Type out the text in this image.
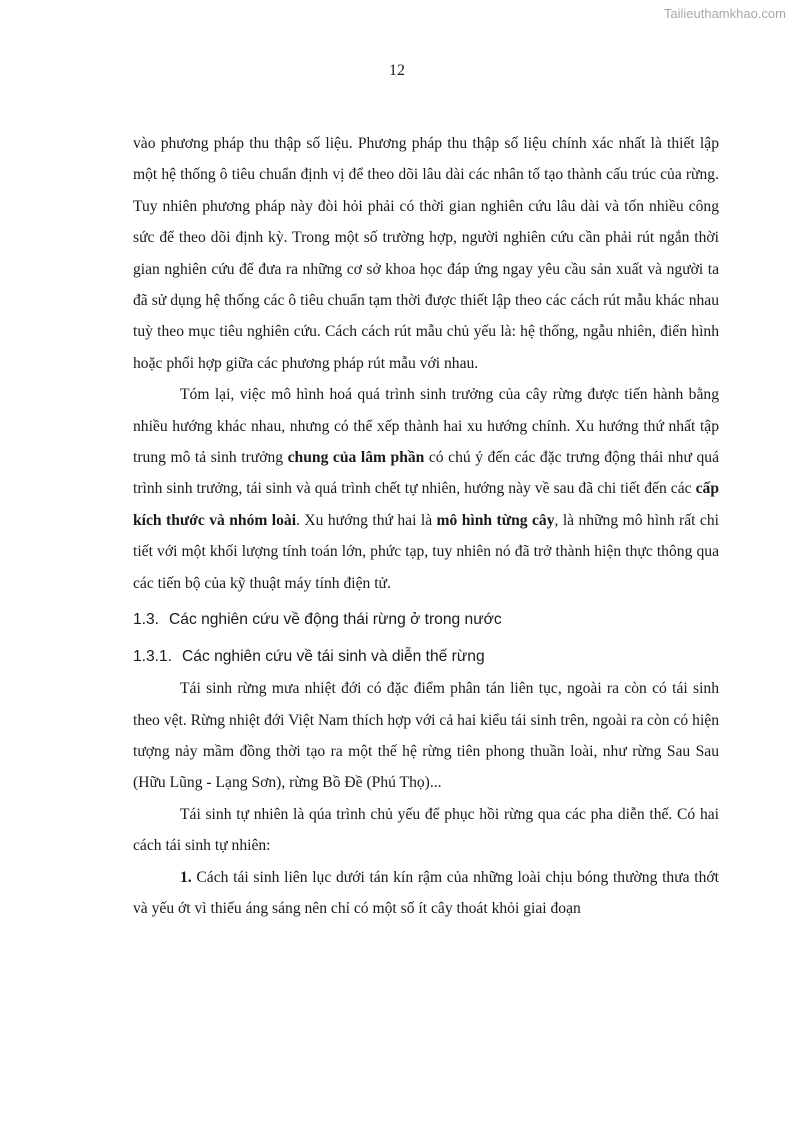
Tailieuthamkhao.com
12

vào phương pháp thu thập số liệu. Phương pháp thu thập số liệu chính xác nhất là thiết lập một hệ thống ô tiêu chuẩn định vị để theo dõi lâu dài các nhân tố tạo thành cấu trúc của rừng. Tuy nhiên phương pháp này đòi hỏi phải có thời gian nghiên cứu lâu dài và tốn nhiều công sức để theo dõi định kỳ. Trong một số trường hợp, người nghiên cứu cần phải rút ngắn thời gian nghiên cứu để đưa ra những cơ sở khoa học đáp ứng ngay yêu cầu sản xuất và người ta đã sử dụng hệ thống các ô tiêu chuẩn tạm thời được thiết lập theo các cách rút mẫu khác nhau tuỳ theo mục tiêu nghiên cứu. Cách cách rút mẫu chủ yếu là: hệ thống, ngẫu nhiên, điển hình hoặc phối hợp giữa các phương pháp rút mẫu với nhau.

Tóm lại, việc mô hình hoá quá trình sinh trưởng của cây rừng được tiến hành bằng nhiều hướng khác nhau, nhưng có thể xếp thành hai xu hướng chính. Xu hướng thứ nhất tập trung mô tả sinh trưởng chung của lâm phần có chú ý đến các đặc trưng động thái như quá trình sinh trưởng, tái sinh và quá trình chết tự nhiên, hướng này về sau đã chi tiết đến các cấp kích thước và nhóm loài. Xu hướng thứ hai là mô hình từng cây, là những mô hình rất chi tiết với một khối lượng tính toán lớn, phức tạp, tuy nhiên nó đã trở thành hiện thực thông qua các tiến bộ của kỹ thuật máy tính điện tử.

1.3. Các nghiên cứu về động thái rừng ở trong nước
1.3.1. Các nghiên cứu về tái sinh và diễn thế rừng

Tái sinh rừng mưa nhiệt đới có đặc điểm phân tán liên tục, ngoài ra còn có tái sinh theo vệt. Rừng nhiệt đới Việt Nam thích hợp với cả hai kiểu tái sinh trên, ngoài ra còn có hiện tượng nảy mầm đồng thời tạo ra một thế hệ rừng tiên phong thuần loài, như rừng Sau Sau (Hữu Lũng - Lạng Sơn), rừng Bồ Đề (Phú Thọ)...

Tái sinh tự nhiên là qúa trình chủ yếu để phục hồi rừng qua các pha diễn thế. Có hai cách tái sinh tự nhiên:

1. Cách tái sinh liên lục dưới tán kín rậm của những loài chịu bóng thường thưa thớt và yếu ớt vì thiếu áng sáng nên chỉ có một số ít cây thoát khỏi giai đoạn
